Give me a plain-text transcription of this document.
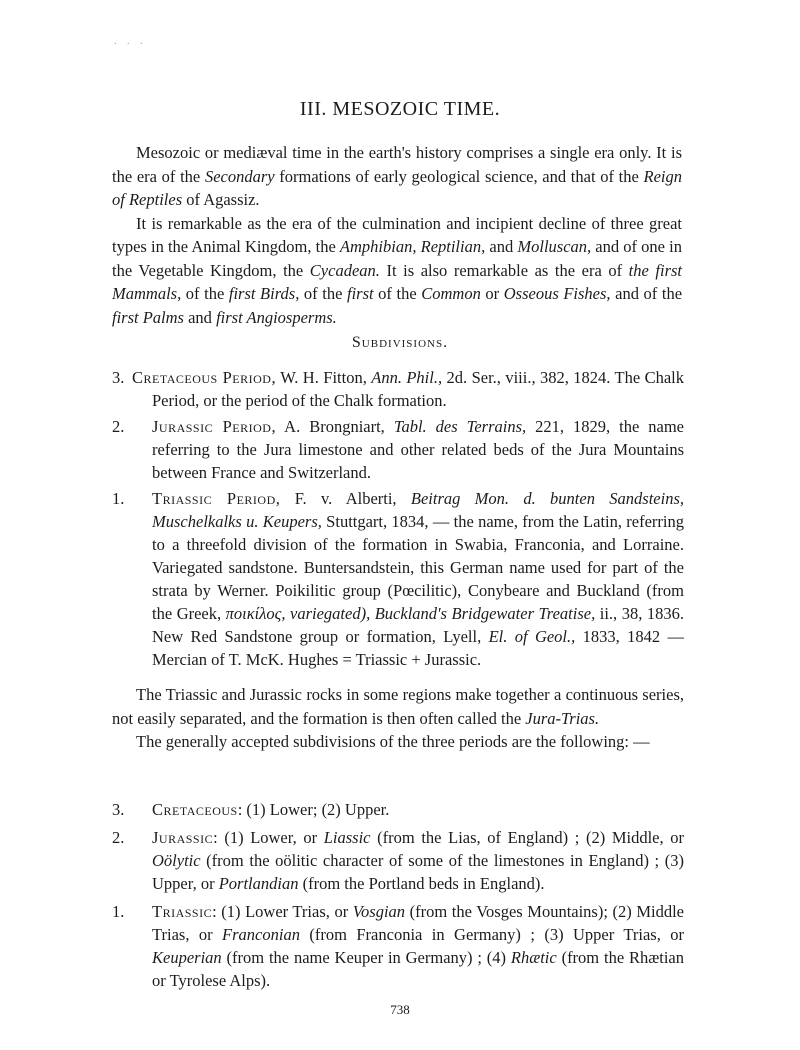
. . .
III. MESOZOIC TIME.

Mesozoic or mediæval time in the earth's history comprises a single era only. It is the era of the Secondary formations of early geological science, and that of the Reign of Reptiles of Agassiz.

It is remarkable as the era of the culmination and incipient decline of three great types in the Animal Kingdom, the Amphibian, Reptilian, and Molluscan, and of one in the Vegetable Kingdom, the Cycadean. It is also remarkable as the era of the first Mammals, of the first Birds, of the first of the Common or Osseous Fishes, and of the first Palms and first Angiosperms.

Subdivisions.
3. Cretaceous Period, W. H. Fitton, Ann. Phil., 2d. Ser., viii., 382, 1824. The Chalk Period, or the period of the Chalk formation.
2. Jurassic Period, A. Brongniart, Tabl. des Terrains, 221, 1829, the name referring to the Jura limestone and other related beds of the Jura Mountains between France and Switzerland.
1. Triassic Period, F. v. Alberti, Beitrag Mon. d. bunten Sandsteins, Muschelkalks u. Keupers, Stuttgart, 1834, — the name, from the Latin, referring to a threefold division of the formation in Swabia, Franconia, and Lorraine. Variegated sandstone. Buntersandstein, this German name used for part of the strata by Werner. Poikilitic group (Pœcilitic), Conybeare and Buckland (from the Greek, ποικίλος, variegated), Buckland's Bridgewater Treatise, ii., 38, 1836. New Red Sandstone group or formation, Lyell, El. of Geol., 1833, 1842 — Mercian of T. McK. Hughes = Triassic + Jurassic.

The Triassic and Jurassic rocks in some regions make together a continuous series, not easily separated, and the formation is then often called the Jura-Trias.

The generally accepted subdivisions of the three periods are the following: —

3. Cretaceous: (1) Lower; (2) Upper.
2. Jurassic: (1) Lower, or Liassic (from the Lias, of England) ; (2) Middle, or Oölytic (from the oölitic character of some of the limestones in England) ; (3) Upper, or Portlandian (from the Portland beds in England).
1. Triassic: (1) Lower Trias, or Vosgian (from the Vosges Mountains); (2) Middle Trias, or Franconian (from Franconia in Germany) ; (3) Upper Trias, or Keuperian (from the name Keuper in Germany) ; (4) Rhætic (from the Rhætian or Tyrolese Alps).
738
